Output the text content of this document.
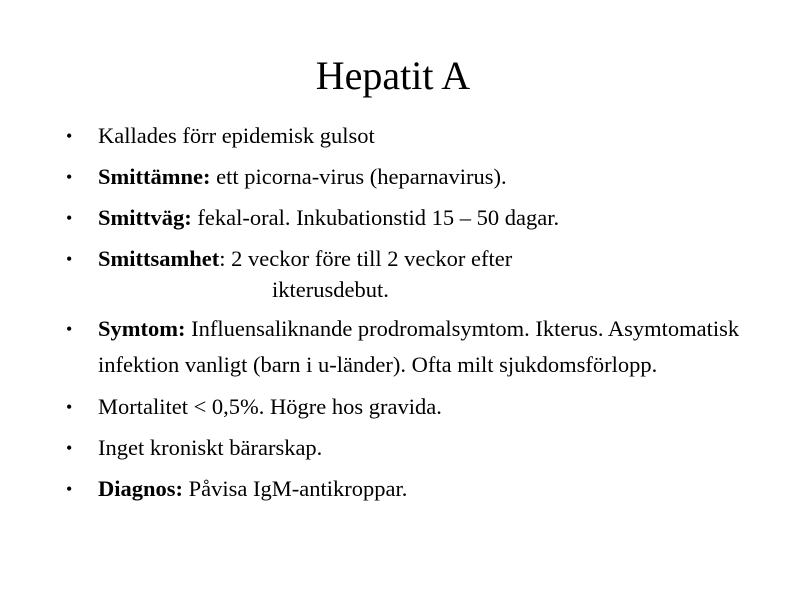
Hepatit A
• Kallades förr epidemisk gulsot
• Smittämne: ett picorna-virus (heparnavirus).
• Smittväg: fekal-oral. Inkubationstid 15 – 50 dagar.
• Smittsamhet: 2 veckor före till 2 veckor efter
ikterusdebut.
• Symtom: Influensaliknande prodromalsymtom. Ikterus. Asymtomatisk infektion vanligt (barn i u-länder). Ofta milt sjukdomsförlopp.
• Mortalitet < 0,5%. Högre hos gravida.
• Inget kroniskt bärarskap.
• Diagnos: Påvisa IgM-antikroppar.
